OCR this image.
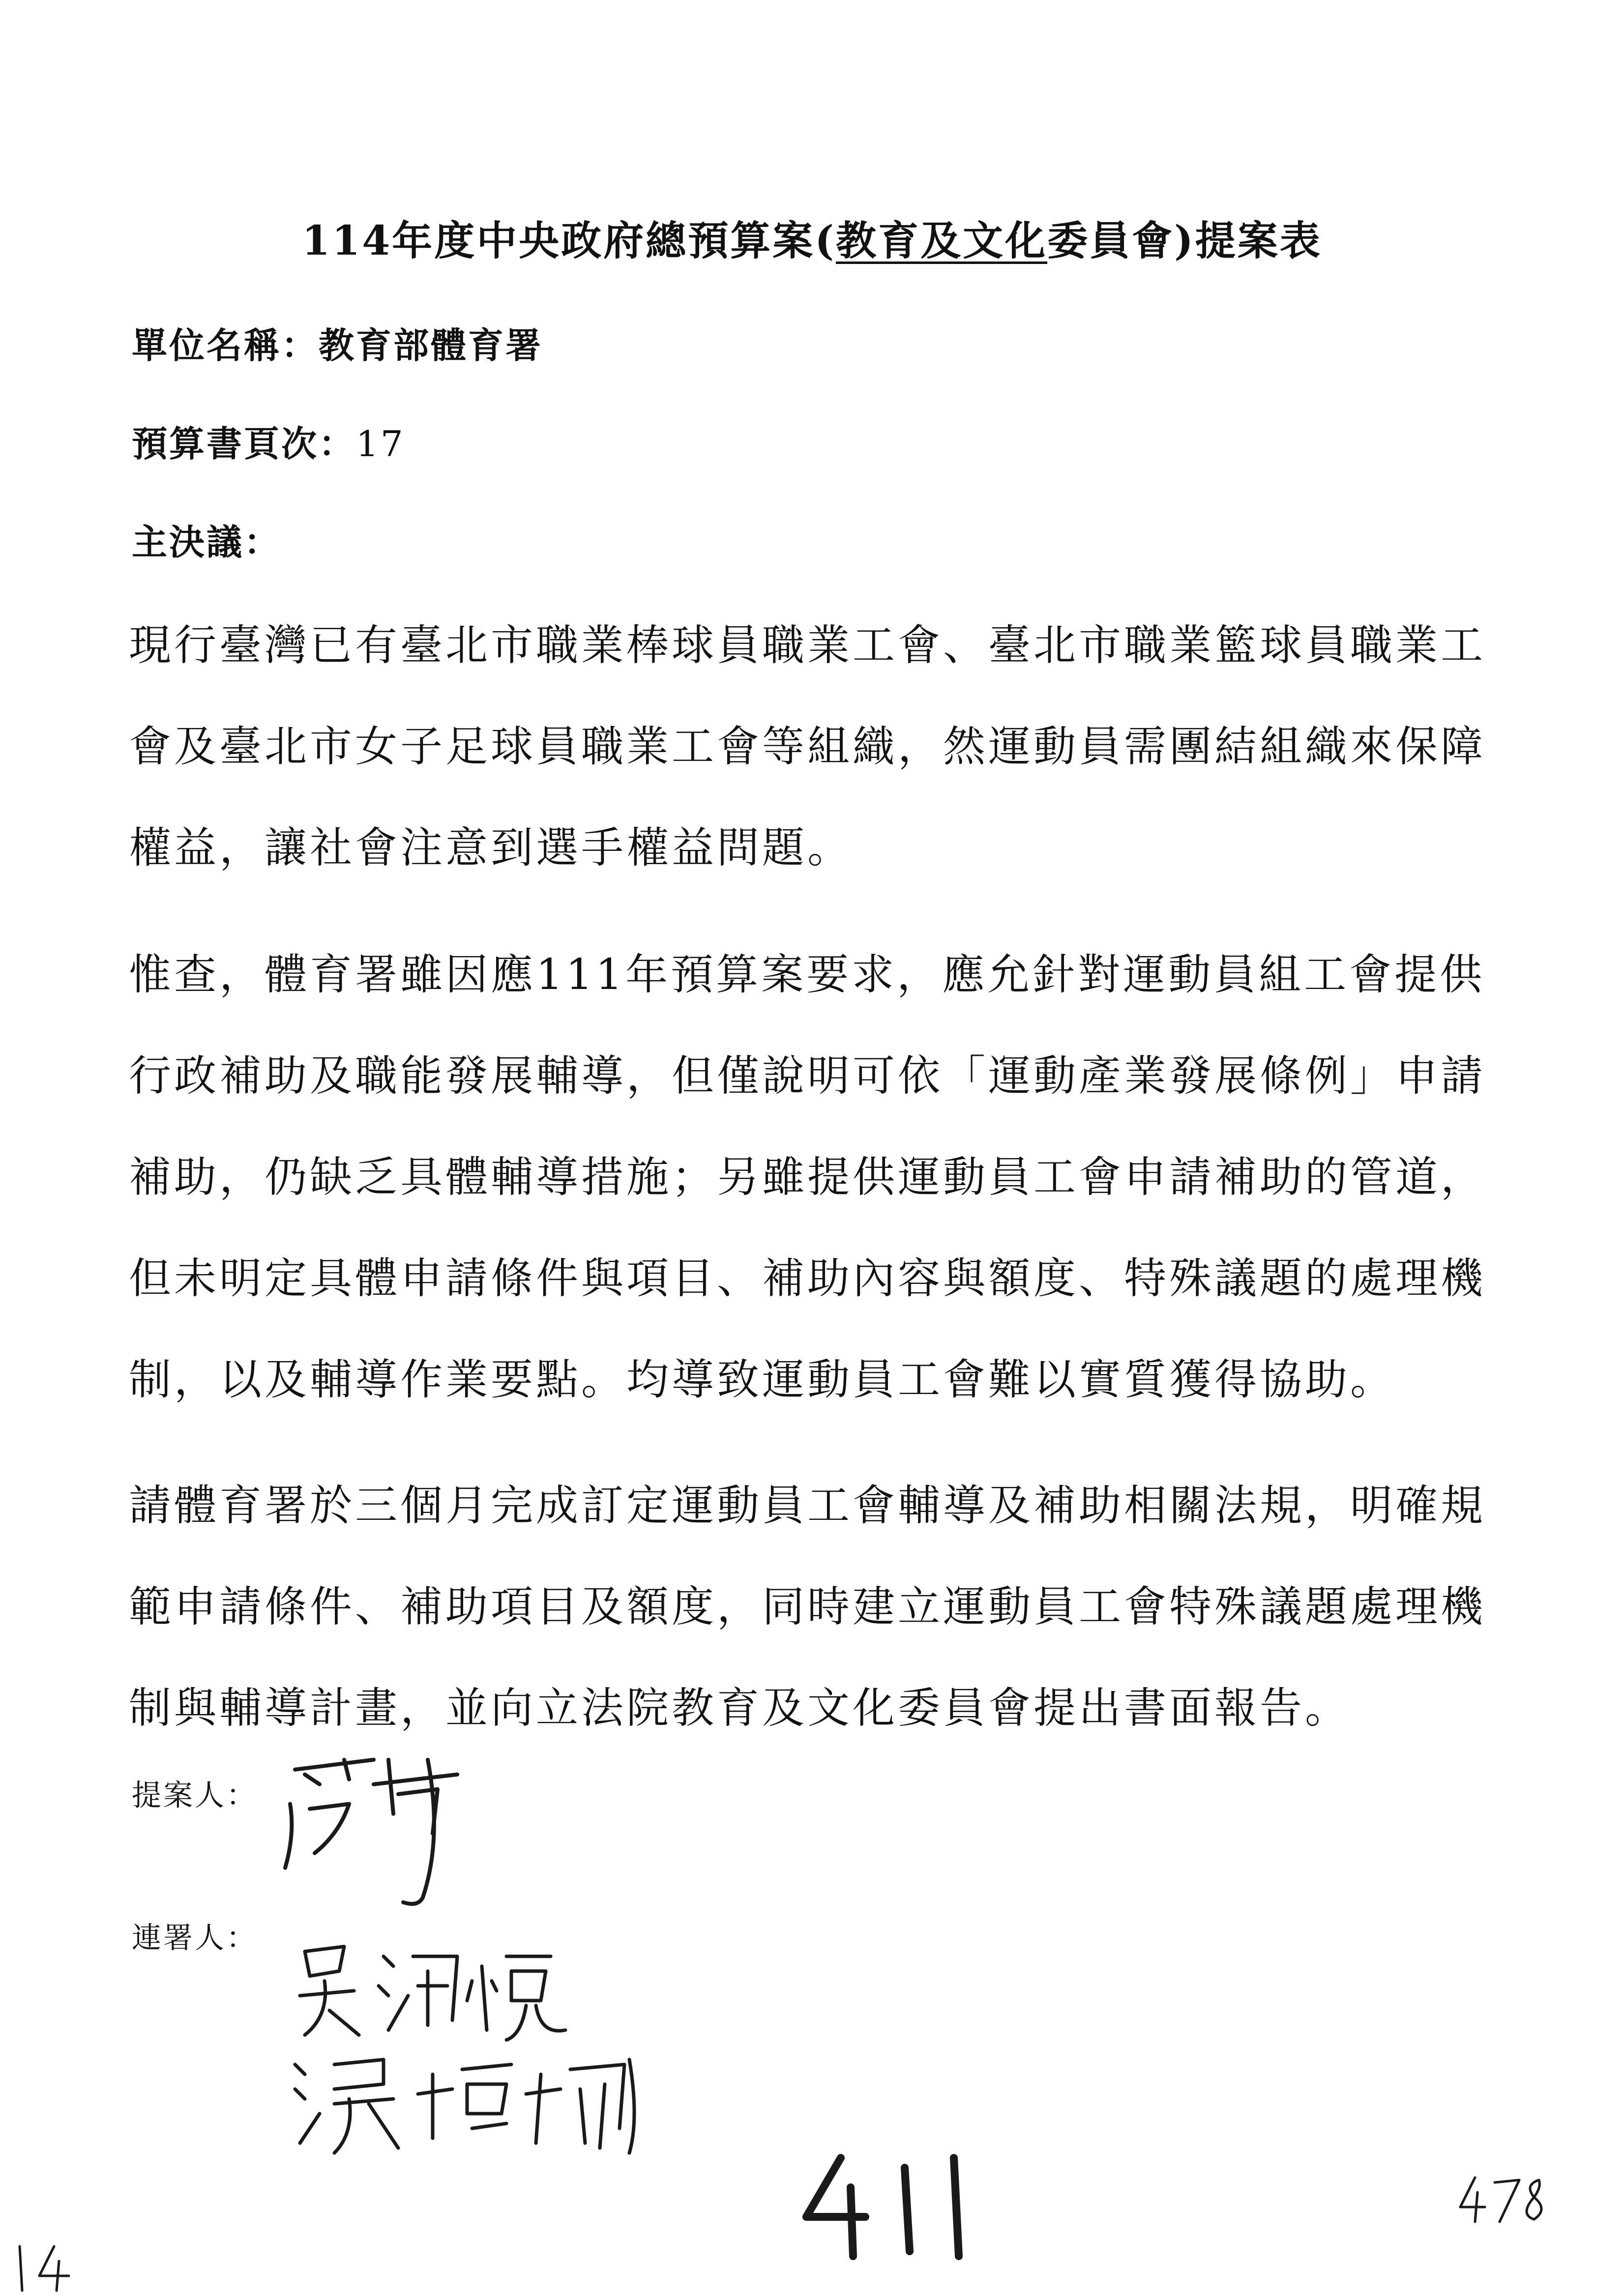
114年度中央政府總預算案(教育及文化委員會)提案表
單位名稱：教育部體育署
預算書頁次：17
主決議：

現行臺灣已有臺北市職業棒球員職業工會、臺北市職業籃球員職業工會及臺北市女子足球員職業工會等組織，然運動員需團結組織來保障權益，讓社會注意到選手權益問題。

惟查，體育署雖因應111年預算案要求，應允針對運動員組工會提供行政補助及職能發展輔導，但僅說明可依「運動產業發展條例」申請補助，仍缺乏具體輔導措施；另雖提供運動員工會申請補助的管道，但未明定具體申請條件與項目、補助內容與額度、特殊議題的處理機制，以及輔導作業要點。均導致運動員工會難以實質獲得協助。

請體育署於三個月完成訂定運動員工會輔導及補助相關法規，明確規範申請條件、補助項目及額度，同時建立運動員工會特殊議題處理機制與輔導計畫，並向立法院教育及文化委員會提出書面報告。

提案人：
連署人：
